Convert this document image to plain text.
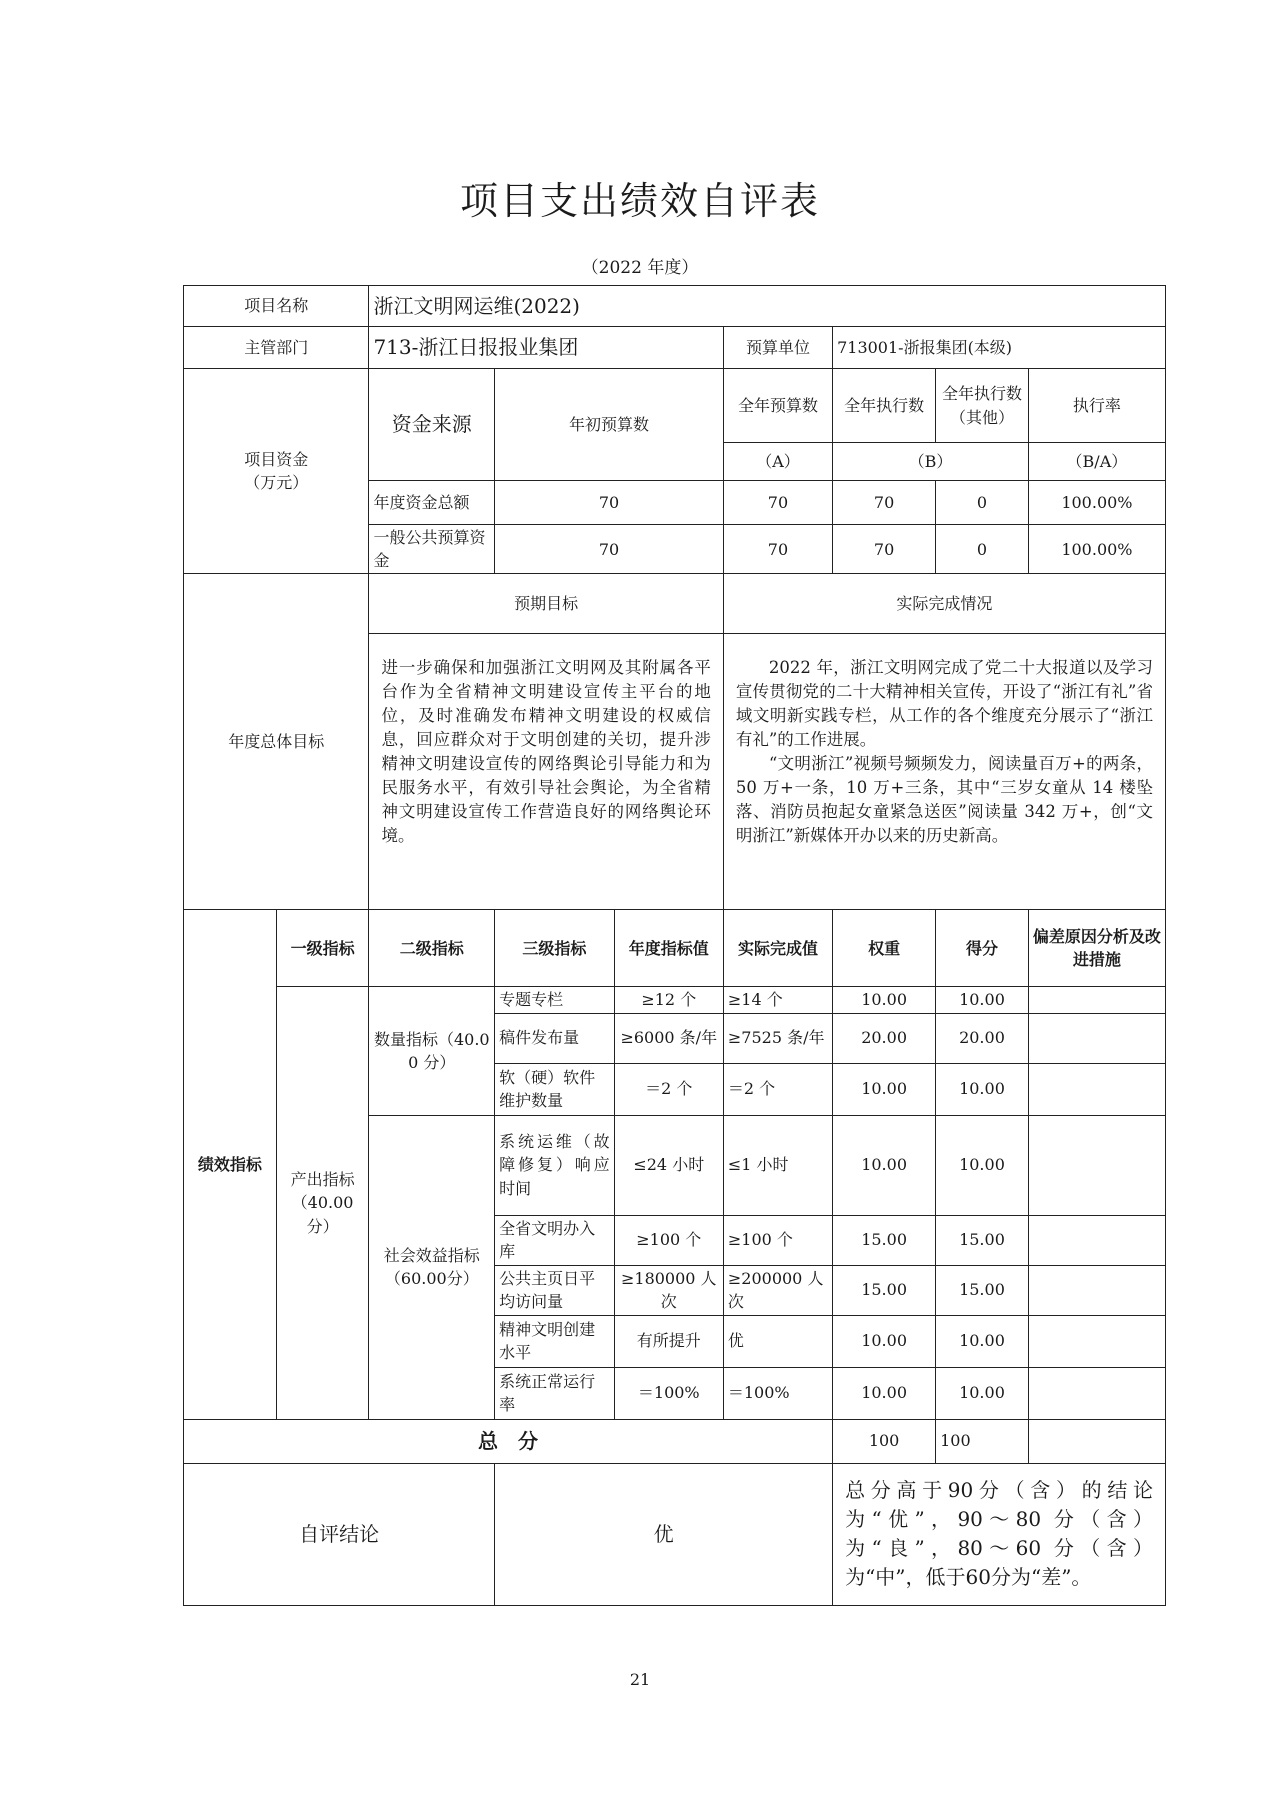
项目支出绩效自评表
（2022 年度）
项目名称		浙江文明网运维(2022)						
主管部门		713-浙江日报报业集团			预算单位	713001-浙报集团(本级)		
项目资金
（万元）		资金来源	年初预算数		全年预算数	全年执行数	全年执行数（其他）	执行率
					（A）	（B）		（B/A）
		年度资金总额	70		70	70	0	100.00%
		一般公共预算资金	70		70	70	0	100.00%
年度总体目标		预期目标			实际完成情况			

		进一步确保和加强浙江文明网及其附属各平台作为全省精神文明建设宣传主平台的地位，及时准确发布精神文明建设的权威信息，回应群众对于文明创建的关切，提升涉精神文明建设宣传的网络舆论引导能力和为民服务水平，有效引导社会舆论，为全省精神文明建设宣传工作营造良好的网络舆论环境。			2022 年，浙江文明网完成了党二十大报道以及学习宣传贯彻党的二十大精神相关宣传，开设了“浙江有礼”省域文明新实践专栏，从工作的各个维度充分展示了“浙江有礼”的工作进展。

“文明浙江”视频号频频发力，阅读量百万+的两条，50 万+一条，10 万+三条，其中“三岁女童从 14 楼坠落、消防员抱起女童紧急送医”阅读量 342 万+，创“文明浙江”新媒体开办以来的历史新高。			

绩效指标	一级指标	二级指标	三级指标	年度指标值	实际完成值	权重	得分	偏差原因分析及改进措施
	产出指标（40.00分）	数量指标（40.00 分）	专题专栏	≥12 个	≥14 个	10.00	10.00	
			稿件发布量	≥6000 条/年	≥7525 条/年	20.00	20.00	
			软（硬）软件维护数量	＝2 个	＝2 个	10.00	10.00	
		社会效益指标（60.00分）	系统运维（故障修复）响应时间	≤24 小时	≤1 小时	10.00	10.00	
			全省文明办入库	≥100 个	≥100 个	15.00	15.00	
			公共主页日平均访问量	≥180000 人次	≥200000 人次	15.00	15.00	
			精神文明创建水平	有所提升	优	10.00	10.00	
			系统正常运行率	＝100%	＝100%	10.00	10.00	
总　分						100	100	
自评结论			优			总分高于90分（含）的结论为“优”，90～80 分（含）为“良”，80～60 分（含）为“中”，低于60分为“差”。		
21
